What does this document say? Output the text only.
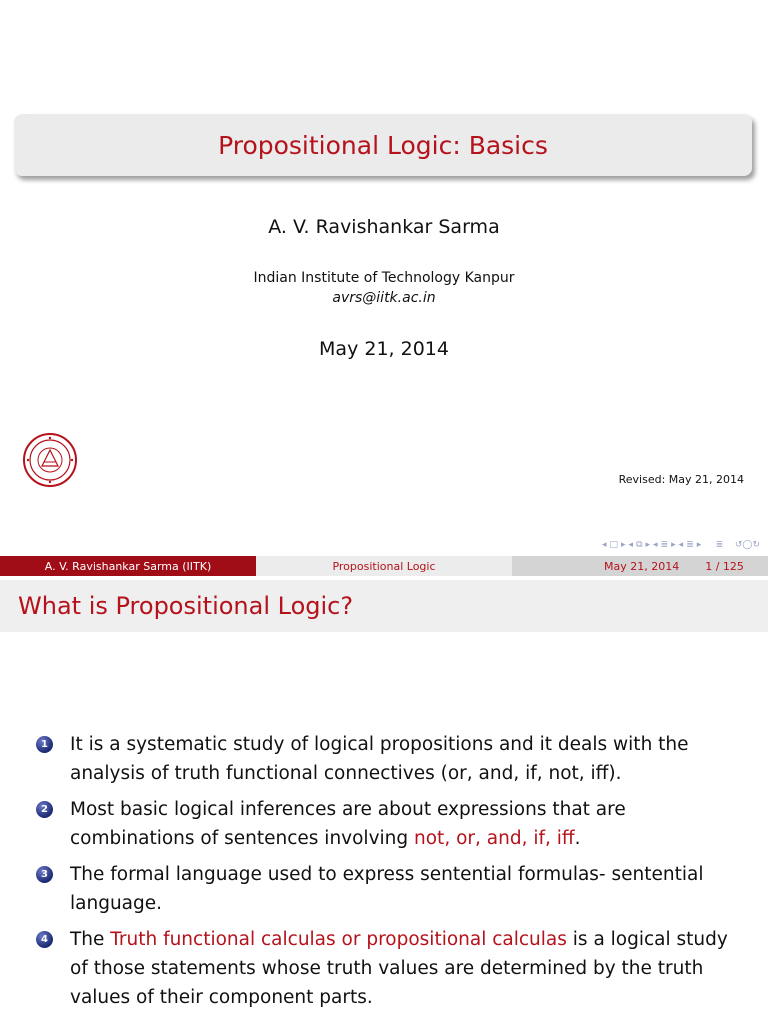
Propositional Logic: Basics
A. V. Ravishankar Sarma
Indian Institute of Technology Kanpur
avrs@iitk.ac.in
May 21, 2014
Revised: May 21, 2014
◂ □ ▸ ◂ ⧉ ▸ ◂ ≣ ▸ ◂ ≣ ▸ ≣ ↺◯↻
A. V. Ravishankar Sarma (IITK)	Propositional Logic	May 21, 2014 1 / 125
What is Propositional Logic?
1 It is a systematic study of logical propositions and it deals with the analysis of truth functional connectives (or, and, if, not, iff).
2 Most basic logical inferences are about expressions that are combinations of sentences involving not, or, and, if, iff.
3 The formal language used to express sentential formulas- sentential language.
4 The Truth functional calculas or propositional calculas is a logical study of those statements whose truth values are determined by the truth values of their component parts.
